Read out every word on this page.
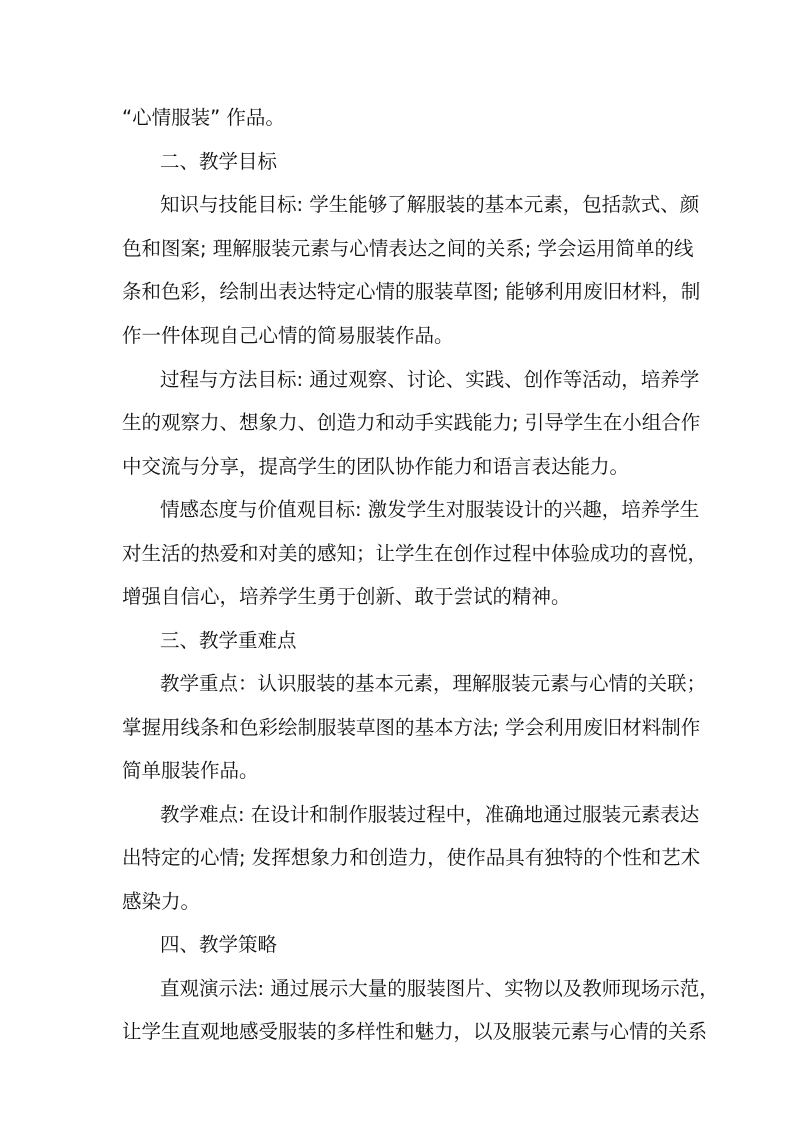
“心情服装” 作品。
二、教学目标
知识与技能目标: 学生能够了解服装的基本元素，包括款式、颜
色和图案; 理解服装元素与心情表达之间的关系; 学会运用简单的线
条和色彩，绘制出表达特定心情的服装草图; 能够利用废旧材料，制
作一件体现自己心情的简易服装作品。
过程与方法目标: 通过观察、讨论、实践、创作等活动，培养学
生的观察力、想象力、创造力和动手实践能力; 引导学生在小组合作
中交流与分享，提高学生的团队协作能力和语言表达能力。
情感态度与价值观目标: 激发学生对服装设计的兴趣，培养学生
对生活的热爱和对美的感知；让学生在创作过程中体验成功的喜悦，
增强自信心，培养学生勇于创新、敢于尝试的精神。
三、教学重难点
教学重点：认识服装的基本元素，理解服装元素与心情的关联；
掌握用线条和色彩绘制服装草图的基本方法; 学会利用废旧材料制作
简单服装作品。
教学难点: 在设计和制作服装过程中，准确地通过服装元素表达
出特定的心情; 发挥想象力和创造力，使作品具有独特的个性和艺术
感染力。
四、教学策略
直观演示法: 通过展示大量的服装图片、实物以及教师现场示范，
让学生直观地感受服装的多样性和魅力，以及服装元素与心情的关系
